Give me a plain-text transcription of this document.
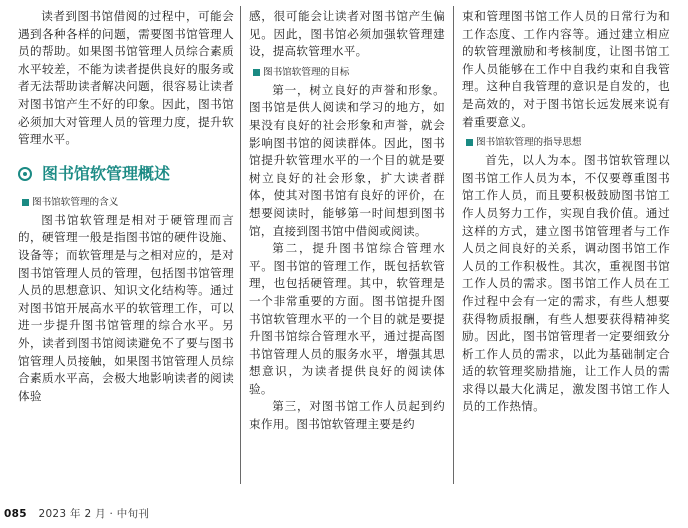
读者到图书馆借阅的过程中，可能会遇到各种各样的问题，需要图书馆管理人员的帮助。如果图书馆管理人员综合素质水平较差，不能为读者提供良好的服务或者无法帮助读者解决问题，很容易让读者对图书馆产生不好的印象。因此，图书馆必须加大对管理人员的管理力度，提升软管理水平。

图书馆软管理概述
图书馆软管理的含义

图书馆软管理是相对于硬管理而言的，硬管理一般是指图书馆的硬件设施、设备等；而软管理是与之相对应的，是对图书馆管理人员的管理，包括图书馆管理人员的思想意识、知识文化结构等。通过对图书馆开展高水平的软管理工作，可以进一步提升图书馆管理的综合水平。另外，读者到图书馆阅读避免不了要与图书馆管理人员接触，如果图书馆管理人员综合素质水平高，会极大地影响读者的阅读体验

感，很可能会让读者对图书馆产生偏见。因此，图书馆必须加强软管理建设，提高软管理水平。

图书馆软管理的目标

第一，树立良好的声誉和形象。图书馆是供人阅读和学习的地方，如果没有良好的社会形象和声誉，就会影响图书馆的阅读群体。因此，图书馆提升软管理水平的一个目的就是要树立良好的社会形象，扩大读者群体，使其对图书馆有良好的评价，在想要阅读时，能够第一时间想到图书馆，直接到图书馆中借阅或阅读。

第二，提升图书馆综合管理水平。图书馆的管理工作，既包括软管理，也包括硬管理。其中，软管理是一个非常重要的方面。图书馆提升图书馆软管理水平的一个目的就是要提升图书馆综合管理水平，通过提高图书馆管理人员的服务水平，增强其思想意识，为读者提供良好的阅读体验。

第三，对图书馆工作人员起到约束作用。图书馆软管理主要是约

束和管理图书馆工作人员的日常行为和工作态度、工作内容等。通过建立相应的软管理激励和考核制度，让图书馆工作人员能够在工作中自我约束和自我管理。这种自我管理的意识是自发的，也是高效的，对于图书馆长远发展来说有着重要意义。

图书馆软管理的指导思想

首先，以人为本。图书馆软管理以图书馆工作人员为本，不仅要尊重图书馆工作人员，而且要积极鼓励图书馆工作人员努力工作，实现自我价值。通过这样的方式，建立图书馆管理者与工作人员之间良好的关系，调动图书馆工作人员的工作积极性。其次，重视图书馆工作人员的需求。图书馆工作人员在工作过程中会有一定的需求，有些人想要获得物质报酬，有些人想要获得精神奖励。因此，图书馆管理者一定要细致分析工作人员的需求，以此为基础制定合适的软管理奖励措施，让工作人员的需求得以最大化满足，激发图书馆工作人员的工作热情。

085 2023 年 2 月 · 中旬刊
